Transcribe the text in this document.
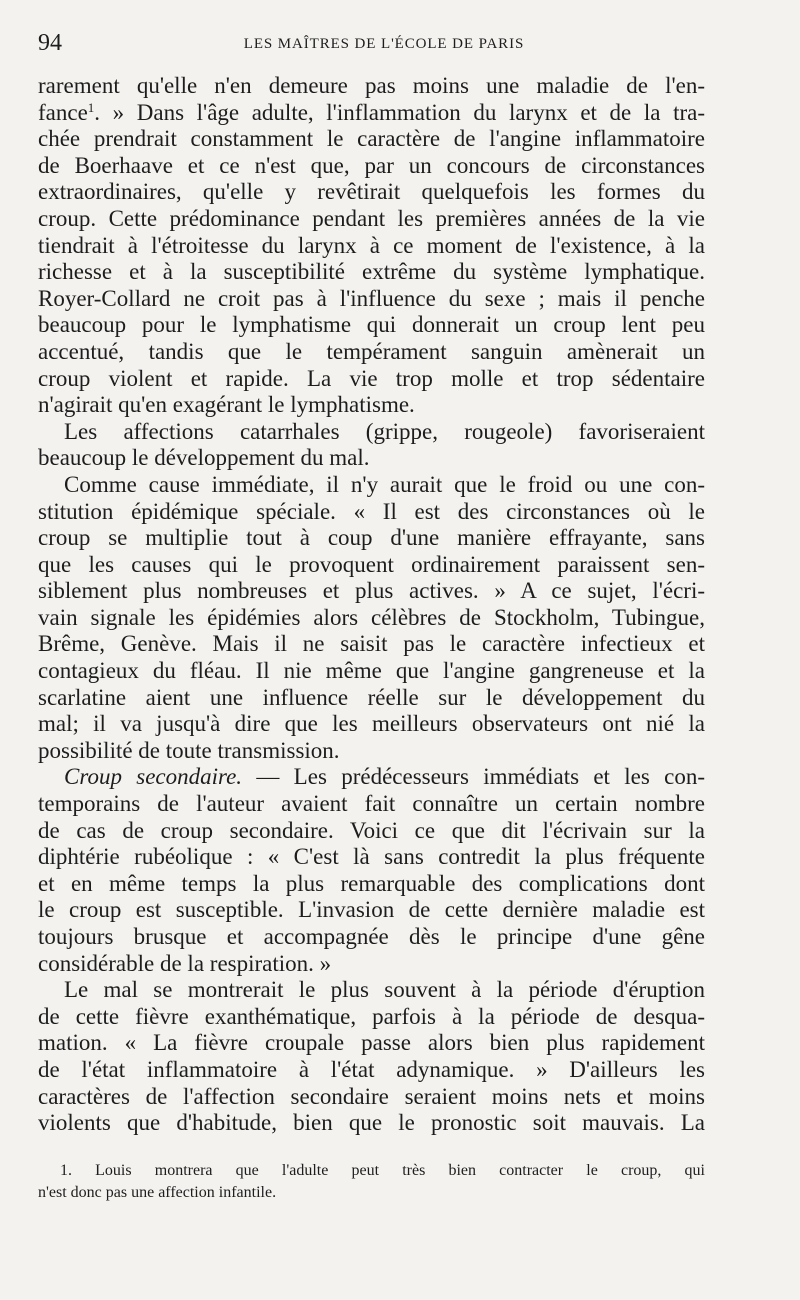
94	LES MAÎTRES DE L'ÉCOLE DE PARIS
rarement qu'elle n'en demeure pas moins une maladie de l'en-
fance$^1$. » Dans l'âge adulte, l'inflammation du larynx et de la tra-
chée prendrait constamment le caractère de l'angine inflammatoire
de Boerhaave et ce n'est que, par un concours de circonstances
extraordinaires, qu'elle y revêtirait quelquefois les formes du
croup. Cette prédominance pendant les premières années de la vie
tiendrait à l'étroitesse du larynx à ce moment de l'existence, à la
richesse et à la susceptibilité extrême du système lymphatique.
Royer-Collard ne croit pas à l'influence du sexe ; mais il penche
beaucoup pour le lymphatisme qui donnerait un croup lent peu
accentué, tandis que le tempérament sanguin amènerait un
croup violent et rapide. La vie trop molle et trop sédentaire
n'agirait qu'en exagérant le lymphatisme.
Les affections catarrhales (grippe, rougeole) favoriseraient
beaucoup le développement du mal.
Comme cause immédiate, il n'y aurait que le froid ou une con-
stitution épidémique spéciale. « Il est des circonstances où le
croup se multiplie tout à coup d'une manière effrayante, sans
que les causes qui le provoquent ordinairement paraissent sen-
siblement plus nombreuses et plus actives. » A ce sujet, l'écri-
vain signale les épidémies alors célèbres de Stockholm, Tubingue,
Brême, Genève. Mais il ne saisit pas le caractère infectieux et
contagieux du fléau. Il nie même que l'angine gangreneuse et la
scarlatine aient une influence réelle sur le développement du
mal; il va jusqu'à dire que les meilleurs observateurs ont nié la
possibilité de toute transmission.
Croup secondaire. — Les prédécesseurs immédiats et les con-
temporains de l'auteur avaient fait connaître un certain nombre
de cas de croup secondaire. Voici ce que dit l'écrivain sur la
diphtérie rubéolique : « C'est là sans contredit la plus fréquente
et en même temps la plus remarquable des complications dont
le croup est susceptible. L'invasion de cette dernière maladie est
toujours brusque et accompagnée dès le principe d'une gêne
considérable de la respiration. »
Le mal se montrerait le plus souvent à la période d'éruption
de cette fièvre exanthématique, parfois à la période de desqua-
mation. « La fièvre croupale passe alors bien plus rapidement
de l'état inflammatoire à l'état adynamique. » D'ailleurs les
caractères de l'affection secondaire seraient moins nets et moins
violents que d'habitude, bien que le pronostic soit mauvais. La
1. Louis montrera que l'adulte peut très bien contracter le croup, qui
n'est donc pas une affection infantile.
